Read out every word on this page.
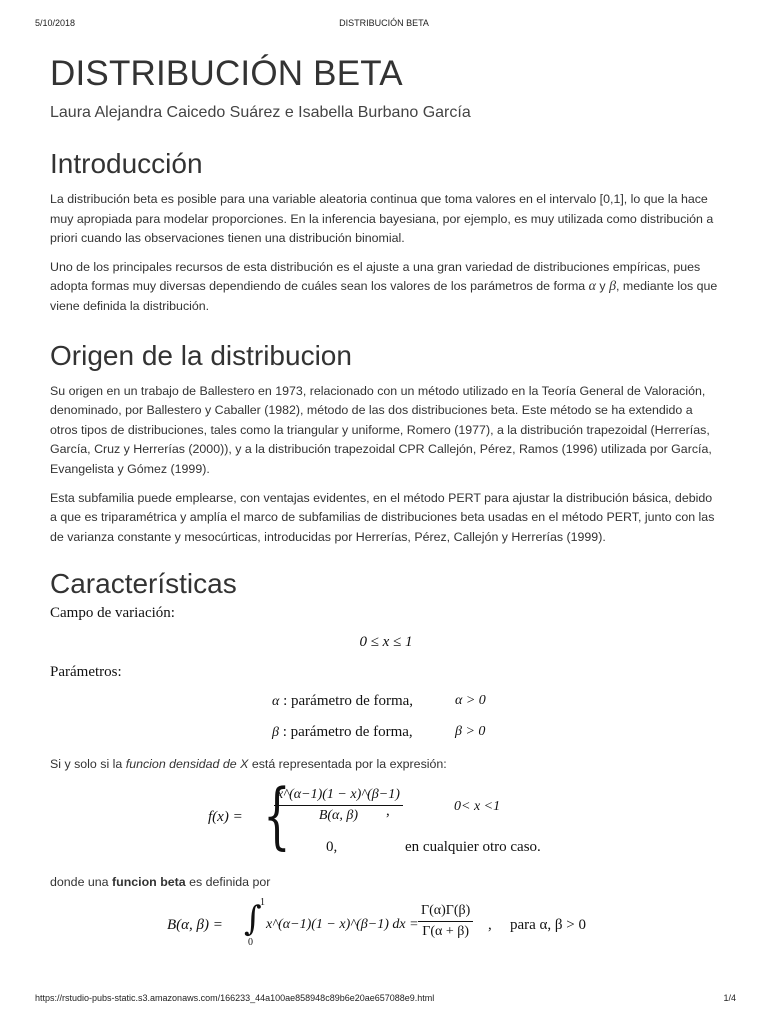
5/10/2018	DISTRIBUCIÓN BETA
DISTRIBUCIÓN BETA
Laura Alejandra Caicedo Suárez e Isabella Burbano García
Introducción

La distribución beta es posible para una variable aleatoria continua que toma valores en el intervalo [0,1], lo que la hace muy apropiada para modelar proporciones. En la inferencia bayesiana, por ejemplo, es muy utilizada como distribución a priori cuando las observaciones tienen una distribución binomial.

Uno de los principales recursos de esta distribución es el ajuste a una gran variedad de distribuciones empíricas, pues adopta formas muy diversas dependiendo de cuáles sean los valores de los parámetros de forma α y β, mediante los que viene definida la distribución.

Origen de la distribucion

Su origen en un trabajo de Ballestero en 1973, relacionado con un método utilizado en la Teoría General de Valoración, denominado, por Ballestero y Caballer (1982), método de las dos distribuciones beta. Este método se ha extendido a otros tipos de distribuciones, tales como la triangular y uniforme, Romero (1977), a la distribución trapezoidal (Herrerías, García, Cruz y Herrerías (2000)), y a la distribución trapezoidal CPR Callejón, Pérez, Ramos (1996) utilizada por García, Evangelista y Gómez (1999).

Esta subfamilia puede emplearse, con ventajas evidentes, en el método PERT para ajustar la distribución básica, debido a que es triparamétrica y amplía el marco de subfamilias de distribuciones beta usadas en el método PERT, junto con las de varianza constante y mesocúrticas, introducidas por Herrerías, Pérez, Callejón y Herrerías (1999).

Características
Campo de variación:
0 ≤ x ≤ 1
Parámetros:
α : parámetro de forma,	α > 0
β : parámetro de forma,	β > 0

Si y solo si la funcion densidad de X está representada por la expresión:

f(x) = {
$\frac{x\^{}(\alpha-1)(1 - x)\^{}(\beta-1)}{B(\alpha, \beta)}$
,	0< x <1
0,	en cualquier otro caso.

donde una funcion beta es definida por

B(α, β) = ∫
1
0
x^(α−1)(1 − x)^(β−1) dx = $\frac{\Gamma(\alpha)\Gamma(\beta)}{\Gamma(\alpha + \beta)}$ , para α, β > 0
https://rstudio-pubs-static.s3.amazonaws.com/166233_44a100ae858948c89b6e20ae657088e9.html	1/4
